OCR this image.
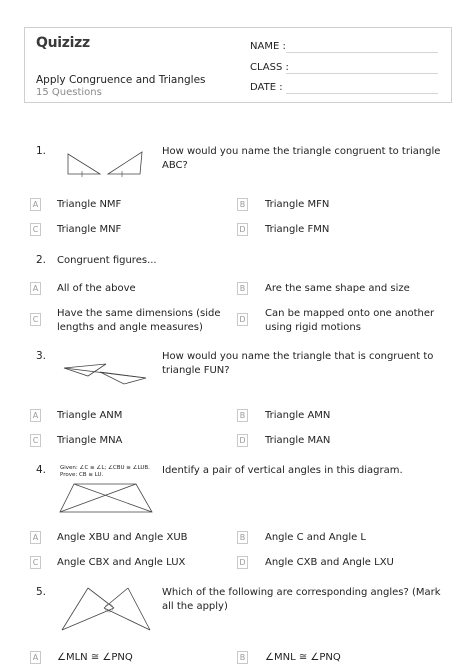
Quizizz
Apply Congruence and Triangles
15 Questions
NAME :
CLASS :
DATE :
1.	How would you name the triangle congruent to triangle ABC?
A Triangle NMF	B Triangle MFN
C Triangle MNF	D Triangle FMN
2. Congruent figures...
A All of the above	B Are the same shape and size
C
Have the same dimensions (side lengths and angle measures)
D
Can be mapped onto one another using rigid motions
3.	How would you name the triangle that is congruent to triangle FUN?
A Triangle ANM	B Triangle AMN
C Triangle MNA	D Triangle MAN
4.	Given: ∠C ≅ ∠L; ∠CBU ≅ ∠LUB.
Prove: CB ≅ LU.	Identify a pair of vertical angles in this diagram.
A Angle XBU and Angle XUB	B Angle C and Angle L
C Angle CBX and Angle LUX	D Angle CXB and Angle LXU
5.	Which of the following are corresponding angles? (Mark all the apply)
A ∠MLN ≅ ∠PNQ	B ∠MNL ≅ ∠PNQ
